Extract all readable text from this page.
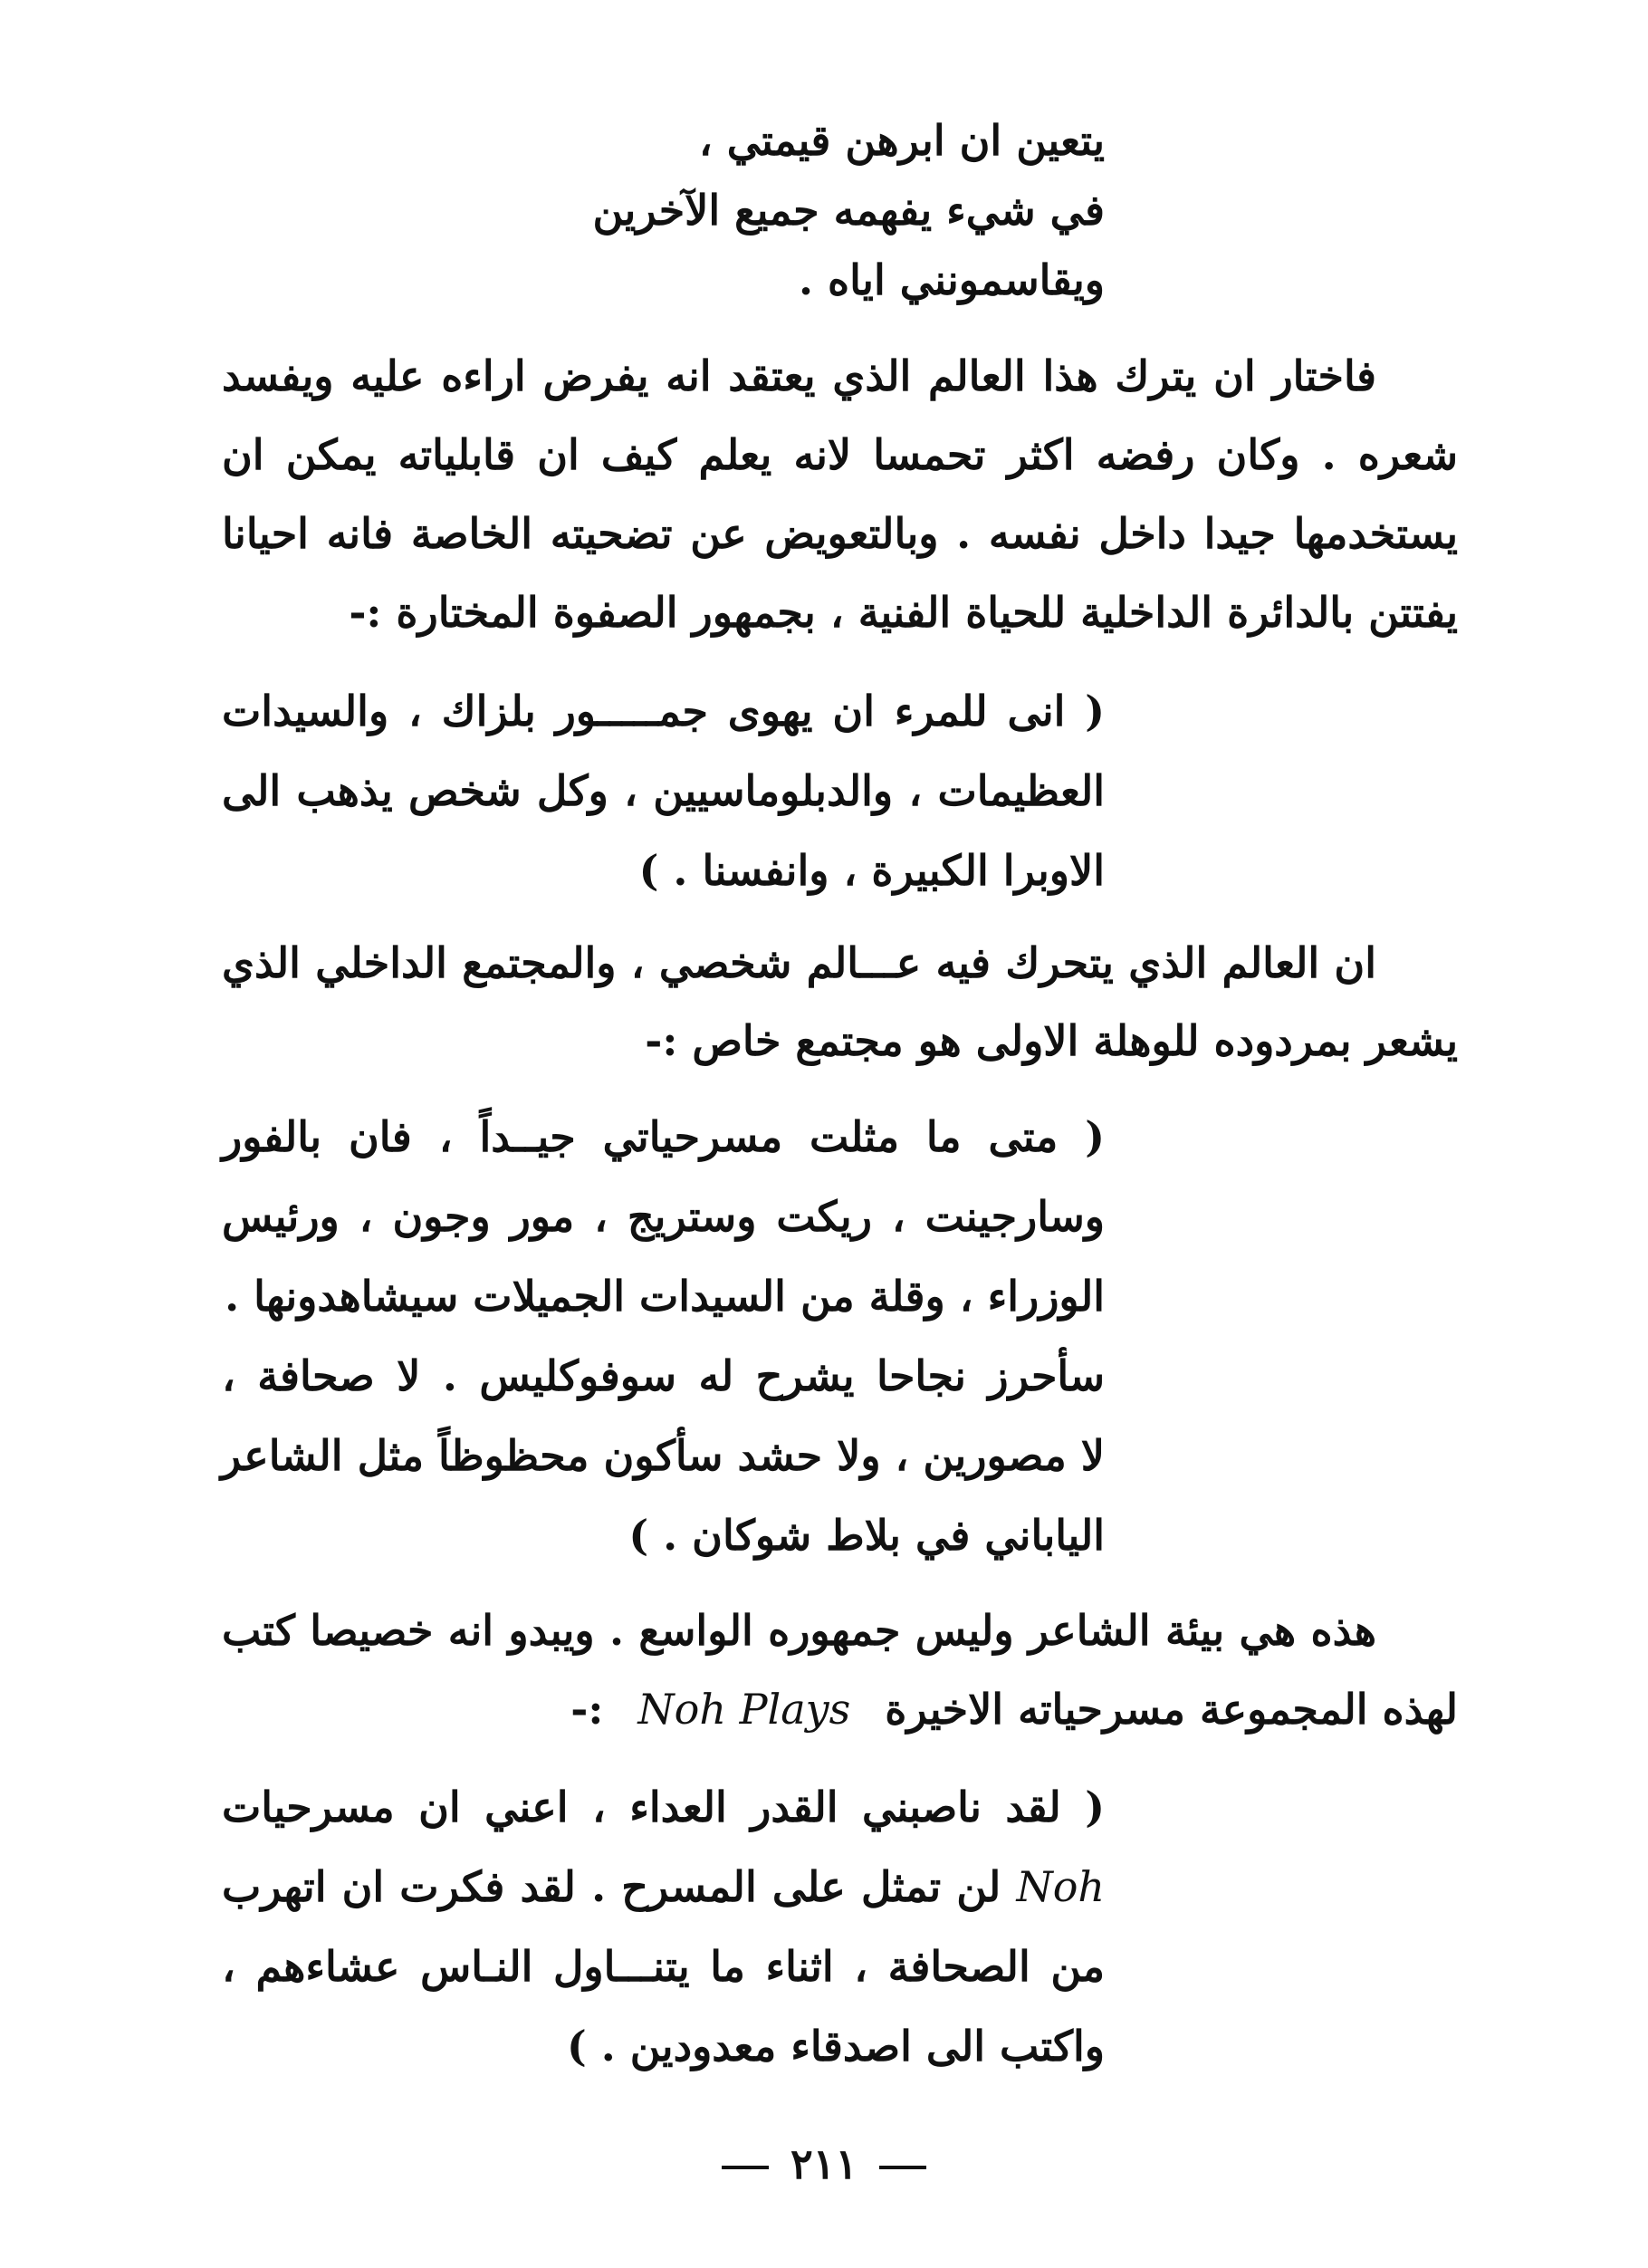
يتعين ان ابرهن قيمتي ،
في شيء يفهمه جميع الآخرين
ويقاسمونني اياه .
فاختار ان يترك هذا العالم الذي يعتقد انه يفرض اراءه عليه ويفسد
شعره . وكان رفضه اكثر تحمسا لانه يعلم كيف ان قابلياته يمكن ان
يستخدمها جيدا داخل نفسه . وبالتعويض عن تضحيته الخاصة فانه احيانا
يفتتن بالدائرة الداخلية للحياة الفنية ، بجمهور الصفوة المختارة :-
( انى للمرء ان يهوى جمـــــور بلزاك ، والسيدات
العظيمات ، والدبلوماسيين ، وكل شخص يذهب الى
الاوبرا الكبيرة ، وانفسنا . )
ان العالم الذي يتحرك فيه عـــالم شخصي ، والمجتمع الداخلي الذي
يشعر بمردوده للوهلة الاولى هو مجتمع خاص :-
( متى ما مثلت مسرحياتي جيــداً ، فان بالفور
وسارجينت ، ريكت وستريج ، مور وجون ، ورئيس
الوزراء ، وقلة من السيدات الجميلات سيشاهدونها .
سأحرز نجاحا يشرح له سوفوكليس . لا صحافة ،
لا مصورين ، ولا حشد سأكون محظوظاً مثل الشاعر
الياباني في بلاط شوكان . )
هذه هي بيئة الشاعر وليس جمهوره الواسع . ويبدو انه خصيصا كتب
لهذه المجموعة مسرحياته الاخيرة Noh Plays :-
( لقد ناصبني القدر العداء ، اعني ان مسرحيات
Noh لن تمثل على المسرح . لقد فكرت ان اتهرب
من الصحافة ، اثناء ما يتنـــاول النـاس عشاءهم ،
واكتب الى اصدقاء معدودين . )
٢١١
